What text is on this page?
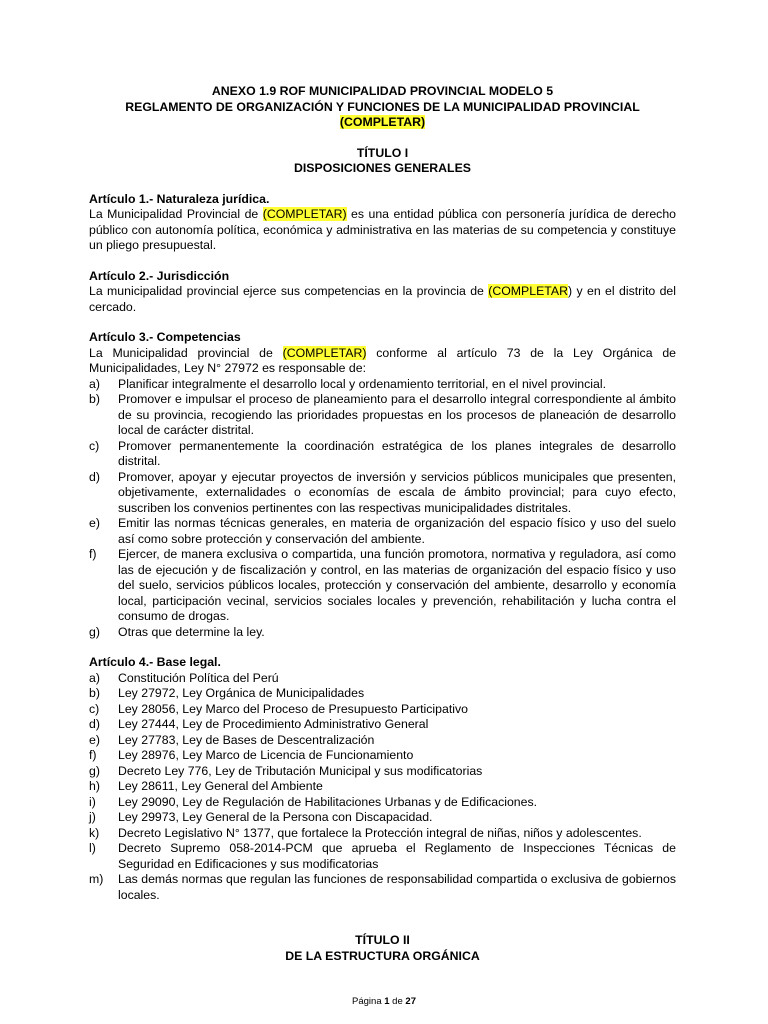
ANEXO 1.9 ROF MUNICIPALIDAD PROVINCIAL MODELO 5
REGLAMENTO DE ORGANIZACIÓN Y FUNCIONES DE LA MUNICIPALIDAD PROVINCIAL (COMPLETAR)
TÍTULO I
DISPOSICIONES GENERALES

Artículo 1.- Naturaleza jurídica.

La Municipalidad Provincial de (COMPLETAR) es una entidad pública con personería jurídica de derecho público con autonomía política, económica y administrativa en las materias de su competencia y constituye un pliego presupuestal.

Artículo 2.- Jurisdicción

La municipalidad provincial ejerce sus competencias en la provincia de (COMPLETAR) y en el distrito del cercado.

Artículo 3.- Competencias

La Municipalidad provincial de (COMPLETAR) conforme al artículo 73 de la Ley Orgánica de Municipalidades, Ley N° 27972 es responsable de:

a) Planificar integralmente el desarrollo local y ordenamiento territorial, en el nivel provincial.
b) Promover e impulsar el proceso de planeamiento para el desarrollo integral correspondiente al ámbito de su provincia, recogiendo las prioridades propuestas en los procesos de planeación de desarrollo local de carácter distrital.
c) Promover permanentemente la coordinación estratégica de los planes integrales de desarrollo distrital.
d) Promover, apoyar y ejecutar proyectos de inversión y servicios públicos municipales que presenten, objetivamente, externalidades o economías de escala de ámbito provincial; para cuyo efecto, suscriben los convenios pertinentes con las respectivas municipalidades distritales.
e) Emitir las normas técnicas generales, en materia de organización del espacio físico y uso del suelo así como sobre protección y conservación del ambiente.
f) Ejercer, de manera exclusiva o compartida, una función promotora, normativa y reguladora, así como las de ejecución y de fiscalización y control, en las materias de organización del espacio físico y uso del suelo, servicios públicos locales, protección y conservación del ambiente, desarrollo y economía local, participación vecinal, servicios sociales locales y prevención, rehabilitación y lucha contra el consumo de drogas.
g) Otras que determine la ley.

Artículo 4.- Base legal.

a) Constitución Política del Perú
b) Ley 27972, Ley Orgánica de Municipalidades
c) Ley 28056, Ley Marco del Proceso de Presupuesto Participativo
d) Ley 27444, Ley de Procedimiento Administrativo General
e) Ley 27783, Ley de Bases de Descentralización
f) Ley 28976, Ley Marco de Licencia de Funcionamiento
g) Decreto Ley 776, Ley de Tributación Municipal y sus modificatorias
h) Ley 28611, Ley General del Ambiente
i) Ley 29090, Ley de Regulación de Habilitaciones Urbanas y de Edificaciones.
j) Ley 29973, Ley General de la Persona con Discapacidad.
k) Decreto Legislativo N° 1377, que fortalece la Protección integral de niñas, niños y adolescentes.
l) Decreto Supremo 058-2014-PCM que aprueba el Reglamento de Inspecciones Técnicas de Seguridad en Edificaciones y sus modificatorias
m) Las demás normas que regulan las funciones de responsabilidad compartida o exclusiva de gobiernos locales.
TÍTULO II
DE LA ESTRUCTURA ORGÁNICA
Página 1 de 27
